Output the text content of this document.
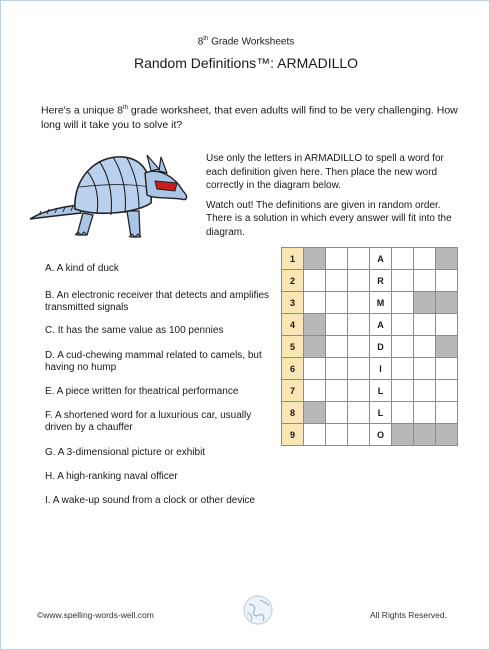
8th Grade Worksheets
Random Definitions™: ARMADILLO
Here's a unique 8th grade worksheet, that even adults will find to be very challenging. How long will it take you to solve it?

Use only the letters in ARMADILLO to spell a word for each definition given here. Then place the new word correctly in the diagram below.

Watch out! The definitions are given in random order. There is a solution in which every answer will fit into the diagram.

A. A kind of duck
B. An electronic receiver that detects and amplifies transmitted signals
C. It has the same value as 100 pennies
D. A cud-chewing mammal related to camels, but having no hump
E. A piece written for theatrical performance
F. A shortened word for a luxurious car, usually driven by a chauffer
G. A 3-dimensional picture or exhibit
H. A high-ranking naval officer
I. A wake-up sound from a clock or other device
1				A			
2				R			
3				M			
4				A			
5				D			
6				I			
7				L			
8				L			
9				O			
©www.spelling-words-well.com	All Rights Reserved.
